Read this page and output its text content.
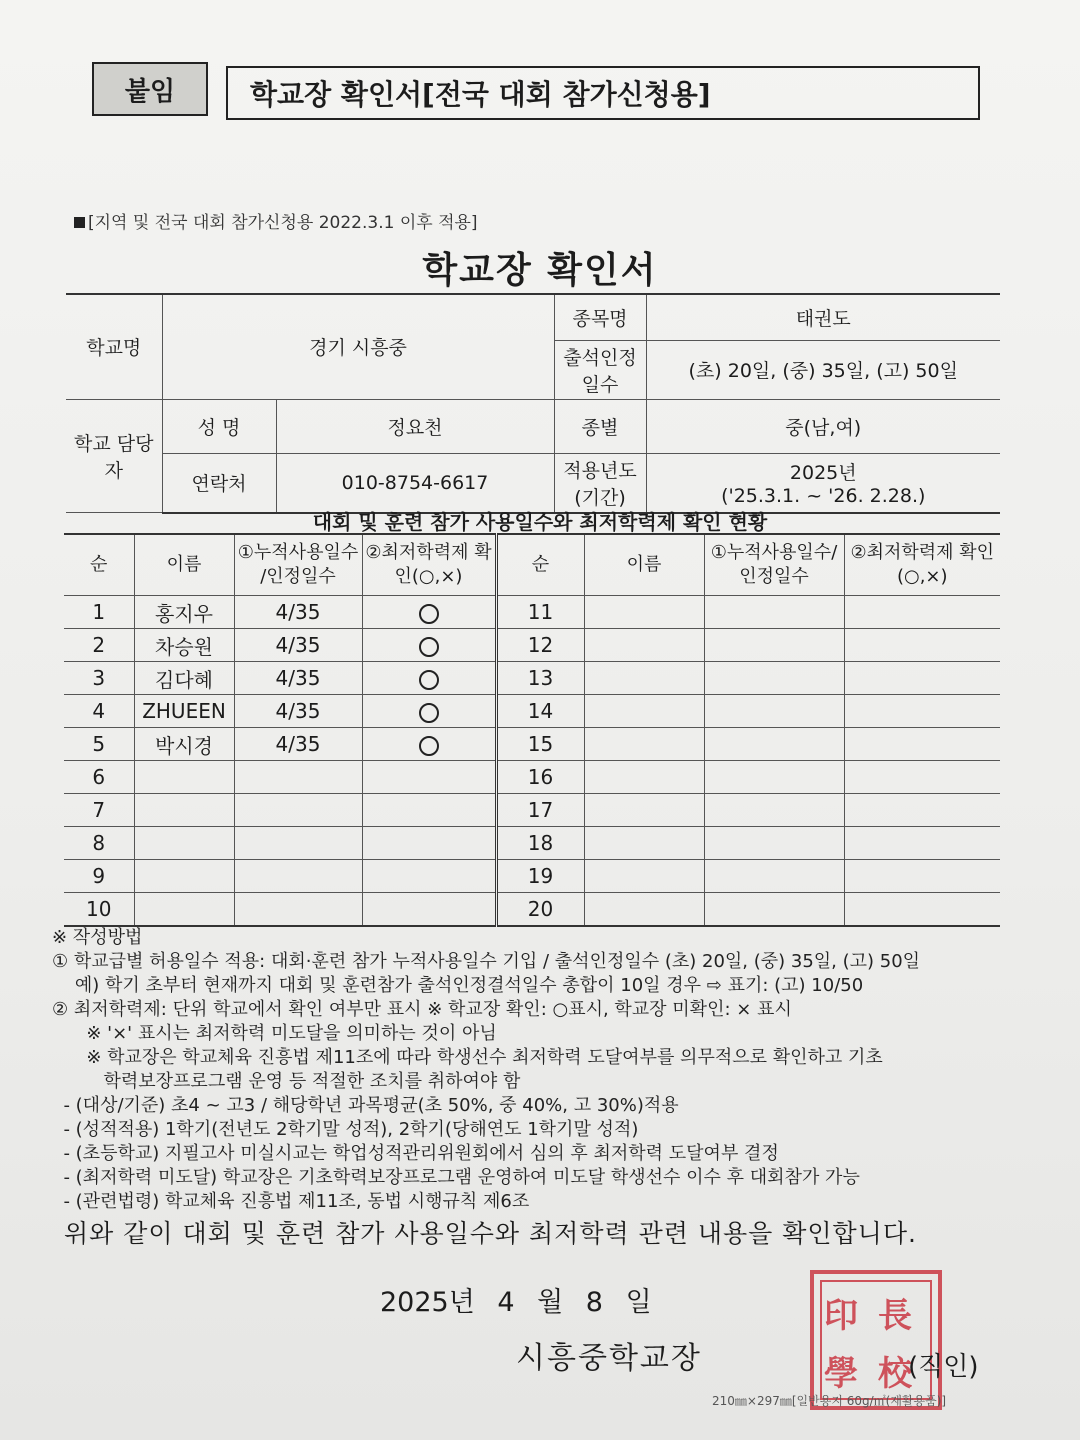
붙임	학교장 확인서[전국 대회 참가신청용]
[지역 및 전국 대회 참가신청용 2022.3.1 이후 적용]
학교장 확인서
학교명	경기 시흥중		종목명	태권도
			출석인정 일수	(초) 20일, (중) 35일, (고) 50일
학교 담당자	성 명	정요천	종별	중(남,여)
	연락처	010-8754-6617	적용년도 (기간)	2025년
('25.3.1. ~ '26. 2.28.)
대회 및 훈련 참가 사용일수와 최저학력제 확인 현황
순	이름	①누적사용일수 /인정일수	②최저학력제 확인(○,×)	순	이름	①누적사용일수/ 인정일수	②최저학력제 확인(○,×)
1	홍지우	4/35		11			
2	차승원	4/35		12			
3	김다혜	4/35		13			
4	ZHUEEN	4/35		14			
5	박시경	4/35		15			
6				16			
7				17			
8				18			
9				19			
10				20			
※ 작성방법
① 학교급별 허용일수 적용: 대회·훈련 참가 누적사용일수 기입 / 출석인정일수 (초) 20일, (중) 35일, (고) 50일
예) 학기 초부터 현재까지 대회 및 훈련참가 출석인정결석일수 총합이 10일 경우 ⇨ 표기: (고) 10/50
② 최저학력제: 단위 학교에서 확인 여부만 표시 ※ 학교장 확인: ○표시, 학교장 미확인: × 표시
※ '×' 표시는 최저학력 미도달을 의미하는 것이 아님
※ 학교장은 학교체육 진흥법 제11조에 따라 학생선수 최저학력 도달여부를 의무적으로 확인하고 기초
학력보장프로그램 운영 등 적절한 조치를 취하여야 함
- (대상/기준) 초4 ~ 고3 / 해당학년 과목평균(초 50%, 중 40%, 고 30%)적용
- (성적적용) 1학기(전년도 2학기말 성적), 2학기(당해연도 1학기말 성적)
- (초등학교) 지필고사 미실시교는 학업성적관리위원회에서 심의 후 최저학력 도달여부 결정
- (최저학력 미도달) 학교장은 기초학력보장프로그램 운영하여 미도달 학생선수 이수 후 대회참가 가능
- (관련법령) 학교체육 진흥법 제11조, 동법 시행규칙 제6조
위와 같이 대회 및 훈련 참가 사용일수와 최저학력 관련 내용을 확인합니다.
2025년 4 월 8 일
시흥중학교장
印 長
學 校
(직인)
210㎜×297㎜[일반용지 60g/㎡(재활용품)]
